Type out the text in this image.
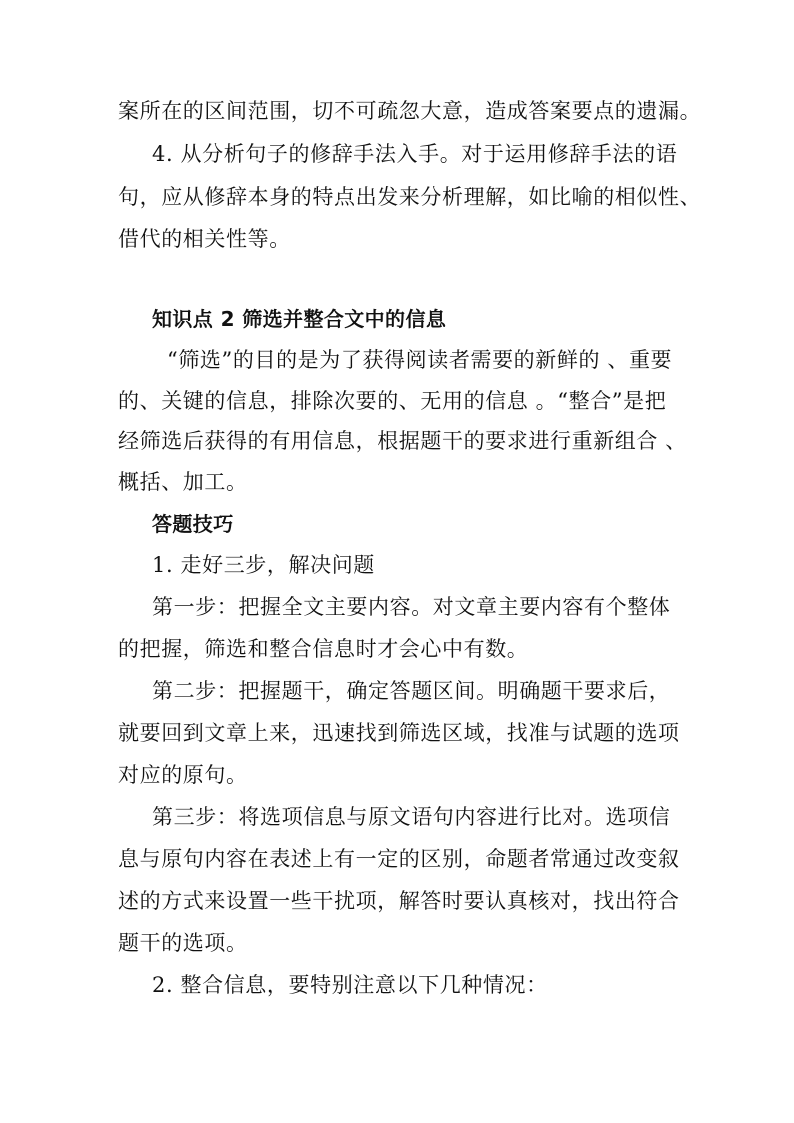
案所在的区间范围，切不可疏忽大意，造成答案要点的遗漏。
4. 从分析句子的修辞手法入手。对于运用修辞手法的语
句，应从修辞本身的特点出发来分析理解，如比喻的相似性、
借代的相关性等。
知识点 2 筛选并整合文中的信息
“筛选”的目的是为了获得阅读者需要的新鲜的 、重要
的、关键的信息，排除次要的、无用的信息 。“整合”是把
经筛选后获得的有用信息，根据题干的要求进行重新组合 、
概括、加工。
答题技巧
1. 走好三步，解决问题
第一步：把握全文主要内容。对文章主要内容有个整体
的把握，筛选和整合信息时才会心中有数。
第二步：把握题干，确定答题区间。明确题干要求后，
就要回到文章上来，迅速找到筛选区域，找准与试题的选项
对应的原句。
第三步：将选项信息与原文语句内容进行比对。选项信
息与原句内容在表述上有一定的区别，命题者常通过改变叙
述的方式来设置一些干扰项，解答时要认真核对，找出符合
题干的选项。
2. 整合信息，要特别注意以下几种情况：
